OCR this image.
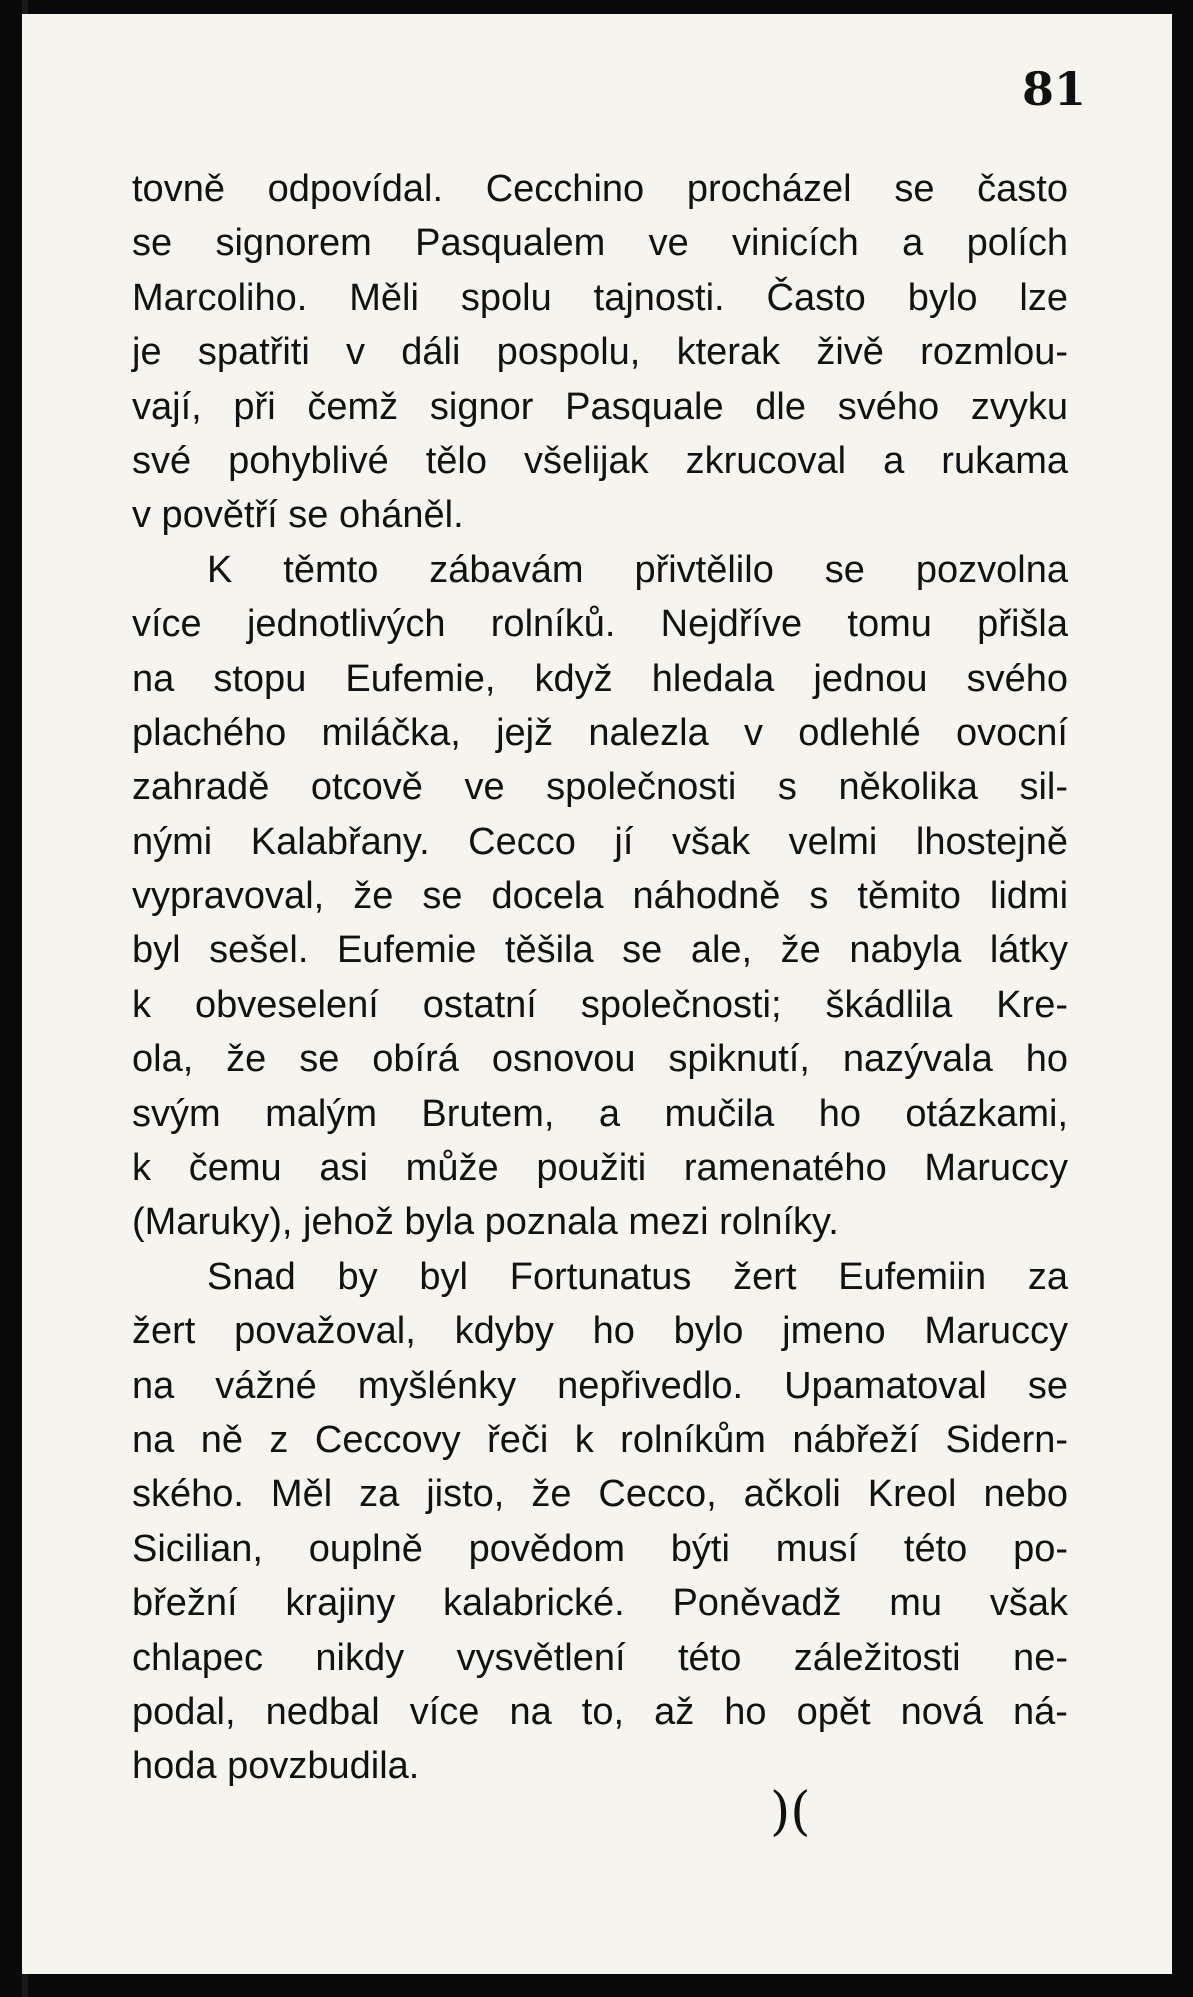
81
tovně odpovídal. Cecchino procházel se často
se signorem Pasqualem ve vinicích a polích
Marcoliho. Měli spolu tajnosti. Často bylo lze
je spatřiti v dáli pospolu, kterak živě rozmlou-
vají, při čemž signor Pasquale dle svého zvyku
své pohyblivé tělo všelijak zkrucoval a rukama
v povětří se oháněl.
K těmto zábavám přivtělilo se pozvolna
více jednotlivých rolníků. Nejdříve tomu přišla
na stopu Eufemie, když hledala jednou svého
plachého miláčka, jejž nalezla v odlehlé ovocní
zahradě otcově ve společnosti s několika sil-
nými Kalabřany. Cecco jí však velmi lhostejně
vypravoval, že se docela náhodně s těmito lidmi
byl sešel. Eufemie těšila se ale, že nabyla látky
k obveselení ostatní společnosti; škádlila Kre-
ola, že se obírá osnovou spiknutí, nazývala ho
svým malým Brutem, a mučila ho otázkami,
k čemu asi může použiti ramenatého Maruccy
(Maruky), jehož byla poznala mezi rolníky.
Snad by byl Fortunatus žert Eufemiin za
žert považoval, kdyby ho bylo jmeno Maruccy
na vážné myšlénky nepřivedlo. Upamatoval se
na ně z Ceccovy řeči k rolníkům nábřeží Sidern-
ského. Měl za jisto, že Cecco, ačkoli Kreol nebo
Sicilian, ouplně povědom býti musí této po-
břežní krajiny kalabrické. Poněvadž mu však
chlapec nikdy vysvětlení této záležitosti ne-
podal, nedbal více na to, až ho opět nová ná-
hoda povzbudila.
)(
